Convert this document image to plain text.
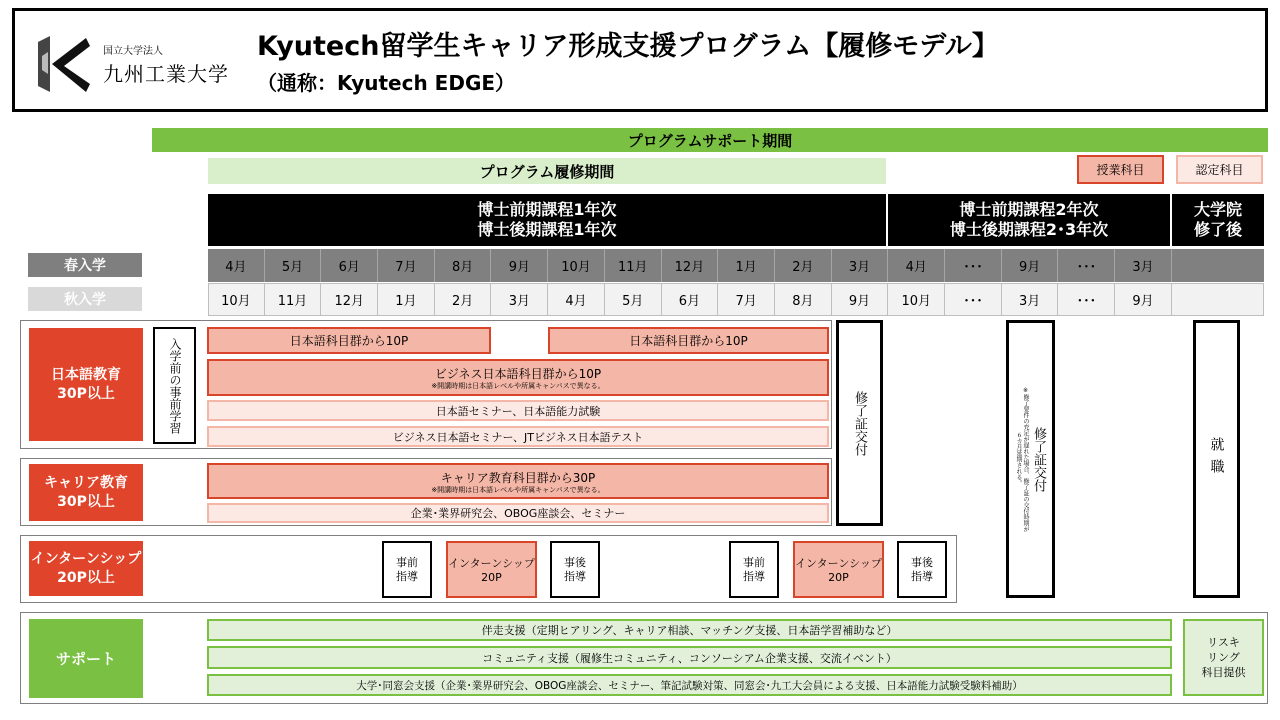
国立大学法人
九州工業大学
Kyutech留学生キャリア形成支援プログラム【履修モデル】
（通称：Kyutech EDGE）
プログラムサポート期間
プログラム履修期間	授業科目	認定科目
博士前期課程1年次
博士後期課程1年次
博士前期課程2年次
博士後期課程2･3年次
大学院
修了後
春入学
秋入学
4月	5月	6月	7月	8月	9月	10月	11月	12月	1月	2月	3月	4月	･･･	9月	･･･	3月
10月	11月	12月	1月	2月	3月	4月	5月	6月	7月	8月	9月	10月	･･･	3月	･･･	9月
日本語教育
30P以上	入学前の事前学習	日本語科目群から10P	日本語科目群から10P
ビジネス日本語科目群から10P
※開講時期は日本語レベルや所属キャンパスで異なる。
日本語セミナー、日本語能力試験
ビジネス日本語セミナー、JTビジネス日本語テスト
キャリア教育
30P以上
キャリア教育科目群から30P
※開講時期は日本語レベルや所属キャンパスで異なる。
企業･業界研究会、OBOG座談会、セミナー
修了証交付
修了証交付
※修了要件の充足が遅れた場合、修了証の交付時期が６カ月延期される。	就職
インターンシップ
20P以上
事前
指導
インターンシップ
20P
事後
指導
事前
指導
インターンシップ
20P
事後
指導
サポート
伴走支援（定期ヒアリング、キャリア相談、マッチング支援、日本語学習補助など）
コミュニティ支援（履修生コミュニティ、コンソーシアム企業支援、交流イベント）
大学･同窓会支援（企業･業界研究会、OBOG座談会、セミナー、筆記試験対策、同窓会･九工大会員による支援、日本語能力試験受験料補助）
リスキ
リング
科目提供
